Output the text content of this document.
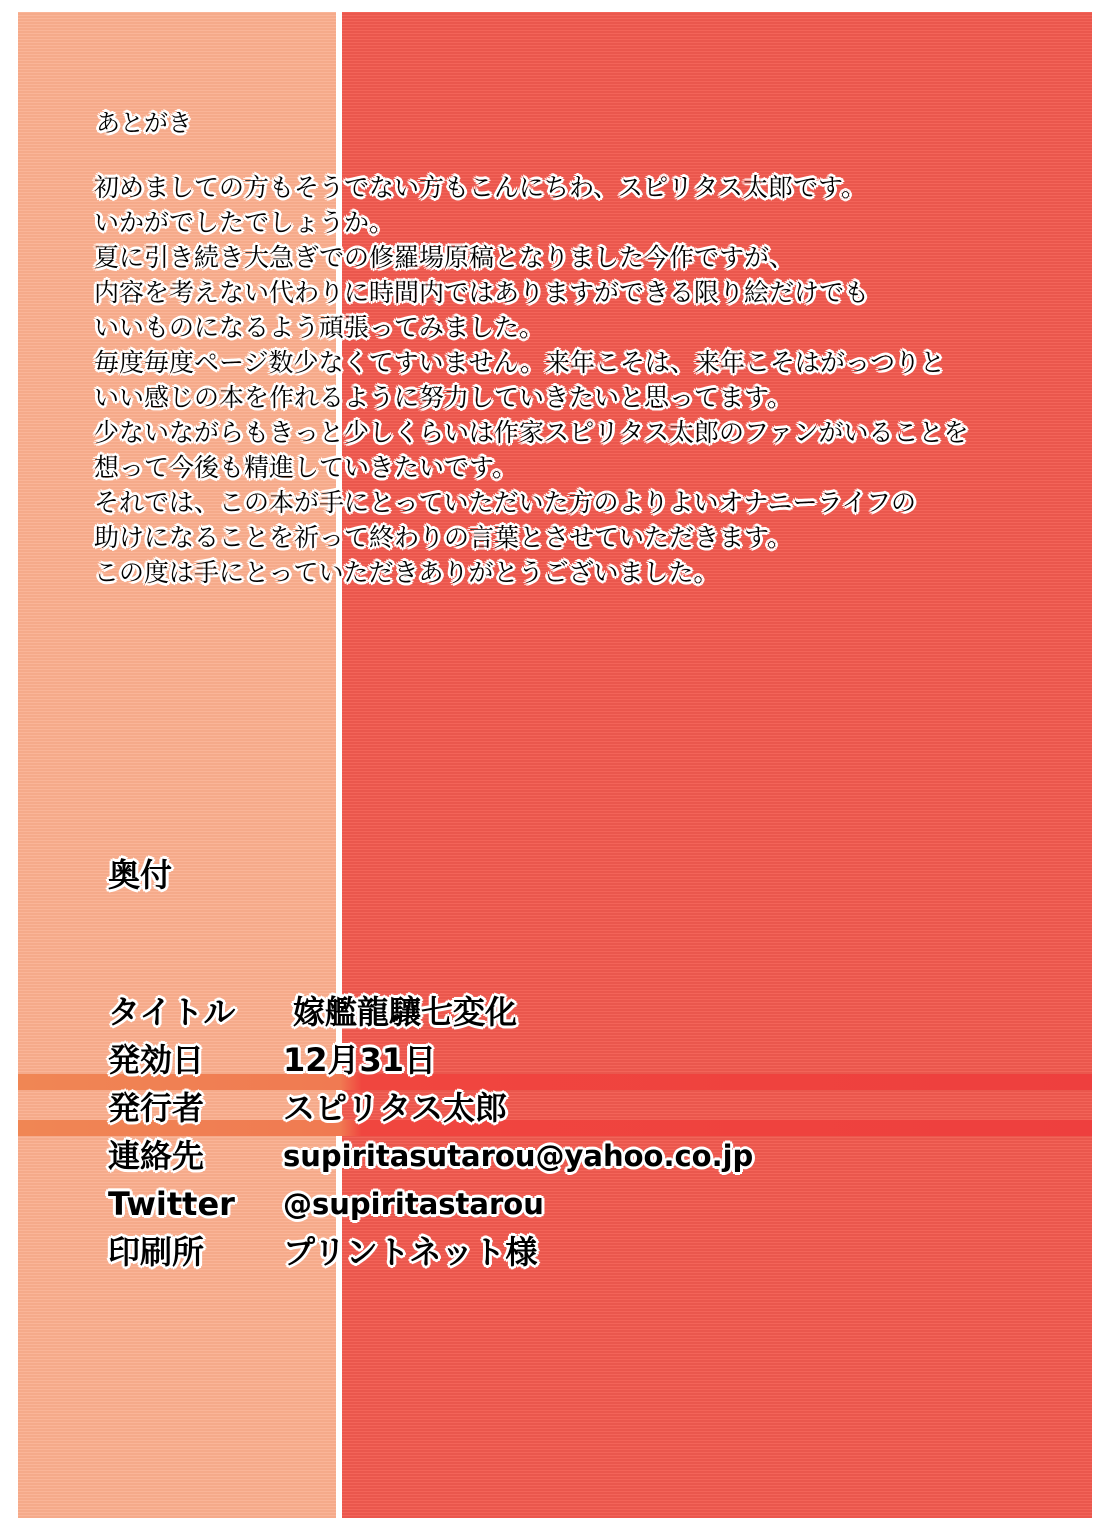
あとがき
初めましての方もそうでない方もこんにちわ、スピリタス太郎です。
いかがでしたでしょうか。
夏に引き続き大急ぎでの修羅場原稿となりました今作ですが、
内容を考えない代わりに時間内ではありますができる限り絵だけでも
いいものになるよう頑張ってみました。
毎度毎度ページ数少なくてすいません。来年こそは、来年こそはがっつりと
いい感じの本を作れるように努力していきたいと思ってます。
少ないながらもきっと少しくらいは作家スピリタス太郎のファンがいることを
想って今後も精進していきたいです。
それでは、この本が手にとっていただいた方のよりよいオナニーライフの
助けになることを祈って終わりの言葉とさせていただきます。
この度は手にとっていただきありがとうございました。
奥付
タイトル 嫁艦龍驤七変化
発効日 12月31日
発行者 スピリタス太郎
連絡先	supiritasutarou@yahoo.co.jp
Twitter @supiritastarou
印刷所 プリントネット様
